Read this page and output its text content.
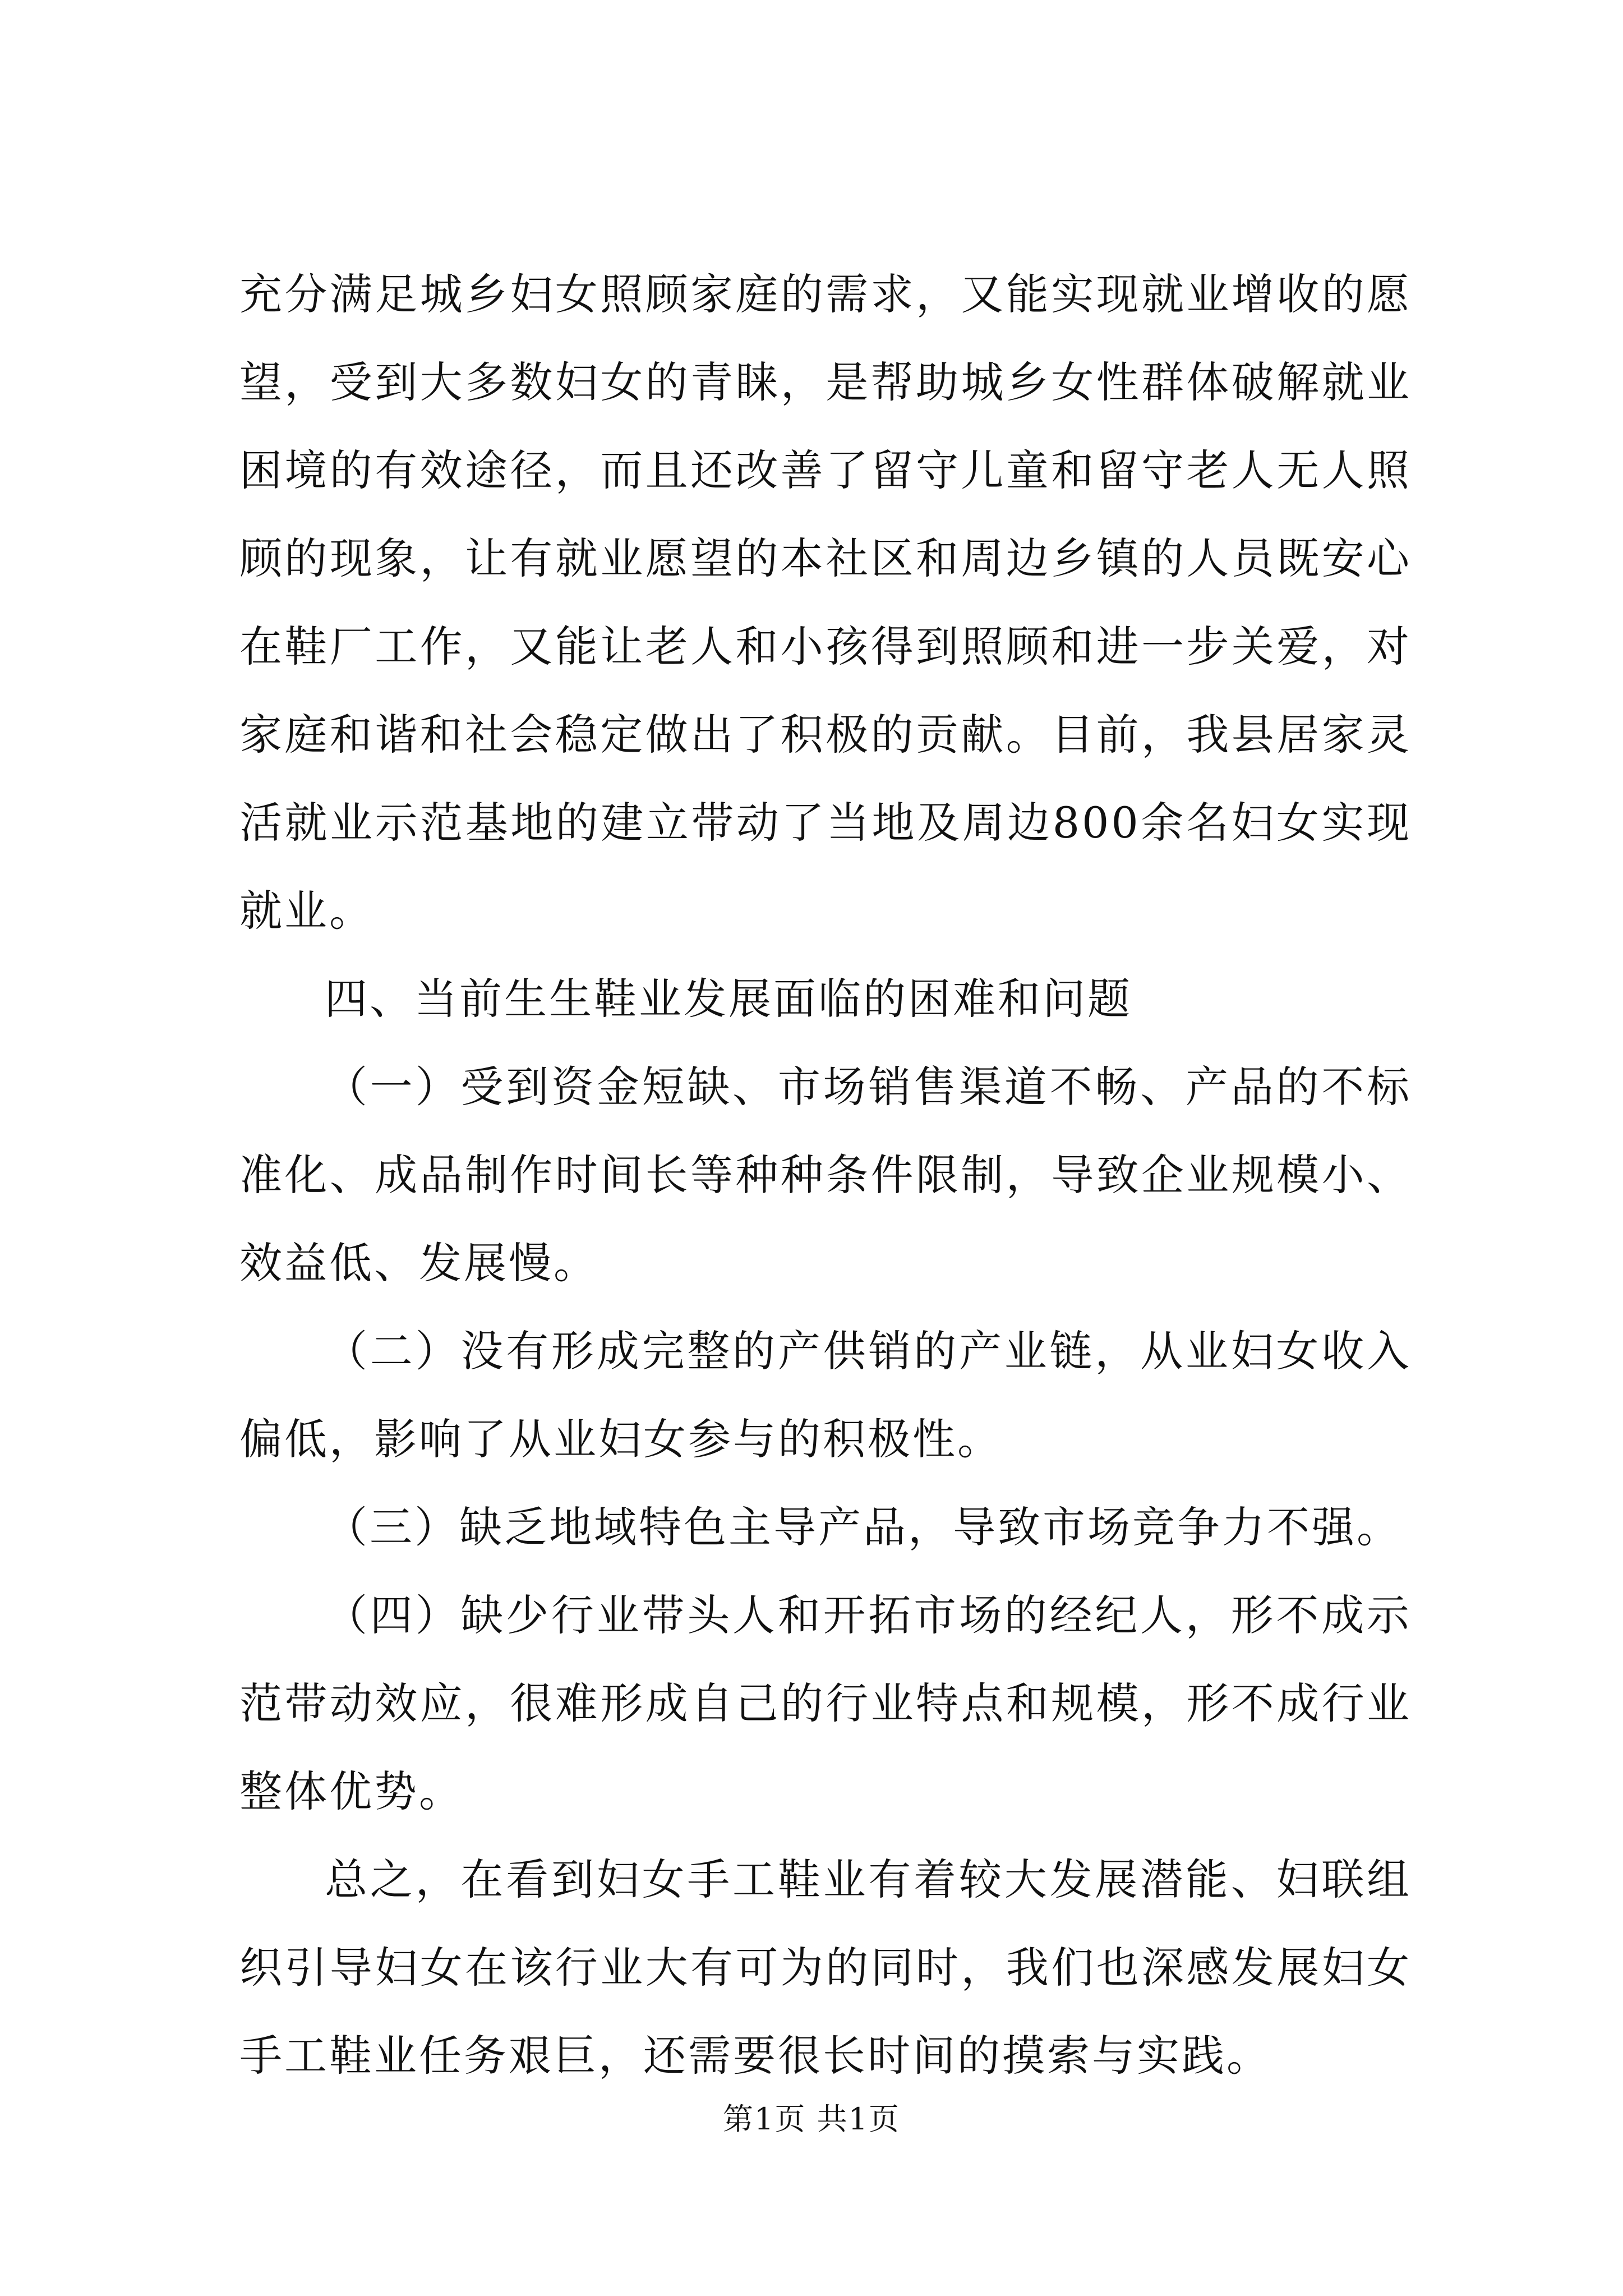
充分满足城乡妇女照顾家庭的需求，又能实现就业增收的愿望，受到大多数妇女的青睐，是帮助城乡女性群体破解就业困境的有效途径，而且还改善了留守儿童和留守老人无人照顾的现象，让有就业愿望的本社区和周边乡镇的人员既安心在鞋厂工作，又能让老人和小孩得到照顾和进一步关爱，对家庭和谐和社会稳定做出了积极的贡献。目前，我县居家灵活就业示范基地的建立带动了当地及周边800余名妇女实现就业。

四、当前生生鞋业发展面临的困难和问题

（一）受到资金短缺、市场销售渠道不畅、产品的不标准化、成品制作时间长等种种条件限制，导致企业规模小、效益低、发展慢。

（二）没有形成完整的产供销的产业链，从业妇女收入偏低，影响了从业妇女参与的积极性。

（三）缺乏地域特色主导产品，导致市场竞争力不强。

（四）缺少行业带头人和开拓市场的经纪人，形不成示范带动效应，很难形成自己的行业特点和规模，形不成行业整体优势。

总之，在看到妇女手工鞋业有着较大发展潜能、妇联组织引导妇女在该行业大有可为的同时，我们也深感发展妇女手工鞋业任务艰巨，还需要很长时间的摸索与实践。

第1页 共1页
